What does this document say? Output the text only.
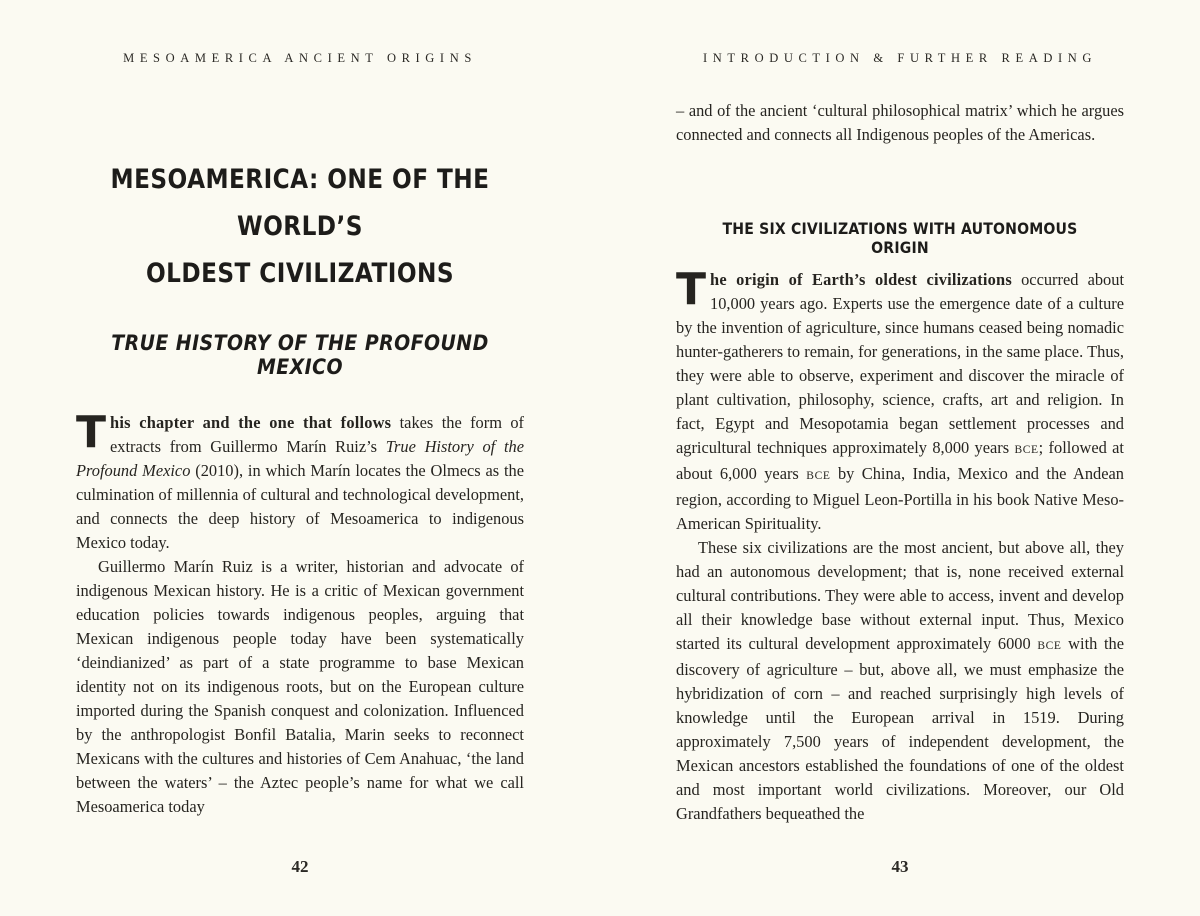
MESOAMERICA ANCIENT ORIGINS
MESOAMERICA: ONE OF THE WORLD’S
OLDEST CIVILIZATIONS
TRUE HISTORY OF THE PROFOUND MEXICO

This chapter and the one that follows takes the form of extracts from Guillermo Marín Ruiz’s True History of the Profound Mexico (2010), in which Marín locates the Olmecs as the culmination of millennia of cultural and technological development, and connects the deep history of Mesoamerica to indigenous Mexico today.

Guillermo Marín Ruiz is a writer, historian and advocate of indigenous Mexican history. He is a critic of Mexican government education policies towards indigenous peoples, arguing that Mexican indigenous people today have been systematically ‘deindianized’ as part of a state programme to base Mexican identity not on its indigenous roots, but on the European culture imported during the Spanish conquest and colonization. Influenced by the anthropologist Bonfil Batalia, Marin seeks to reconnect Mexicans with the cultures and histories of Cem Anahuac, ‘the land between the waters’ – the Aztec people’s name for what we call Mesoamerica today

42
INTRODUCTION & FURTHER READING

– and of the ancient ‘cultural philosophical matrix’ which he argues connected and connects all Indigenous peoples of the Americas.

THE SIX CIVILIZATIONS WITH AUTONOMOUS ORIGIN

The origin of Earth’s oldest civilizations occurred about 10,000 years ago. Experts use the emergence date of a culture by the invention of agriculture, since humans ceased being nomadic hunter-gatherers to remain, for generations, in the same place. Thus, they were able to observe, experiment and discover the miracle of plant cultivation, philosophy, science, crafts, art and religion. In fact, Egypt and Mesopotamia began settlement processes and agricultural techniques approximately 8,000 years BCE; followed at about 6,000 years BCE by China, India, Mexico and the Andean region, according to Miguel Leon-Portilla in his book Native Meso-American Spirituality.

These six civilizations are the most ancient, but above all, they had an autonomous development; that is, none received external cultural contributions. They were able to access, invent and develop all their knowledge base without external input. Thus, Mexico started its cultural development approximately 6000 BCE with the discovery of agriculture – but, above all, we must emphasize the hybridization of corn – and reached surprisingly high levels of knowledge until the European arrival in 1519. During approximately 7,500 years of independent development, the Mexican ancestors established the foundations of one of the oldest and most important world civilizations. Moreover, our Old Grandfathers bequeathed the

43
